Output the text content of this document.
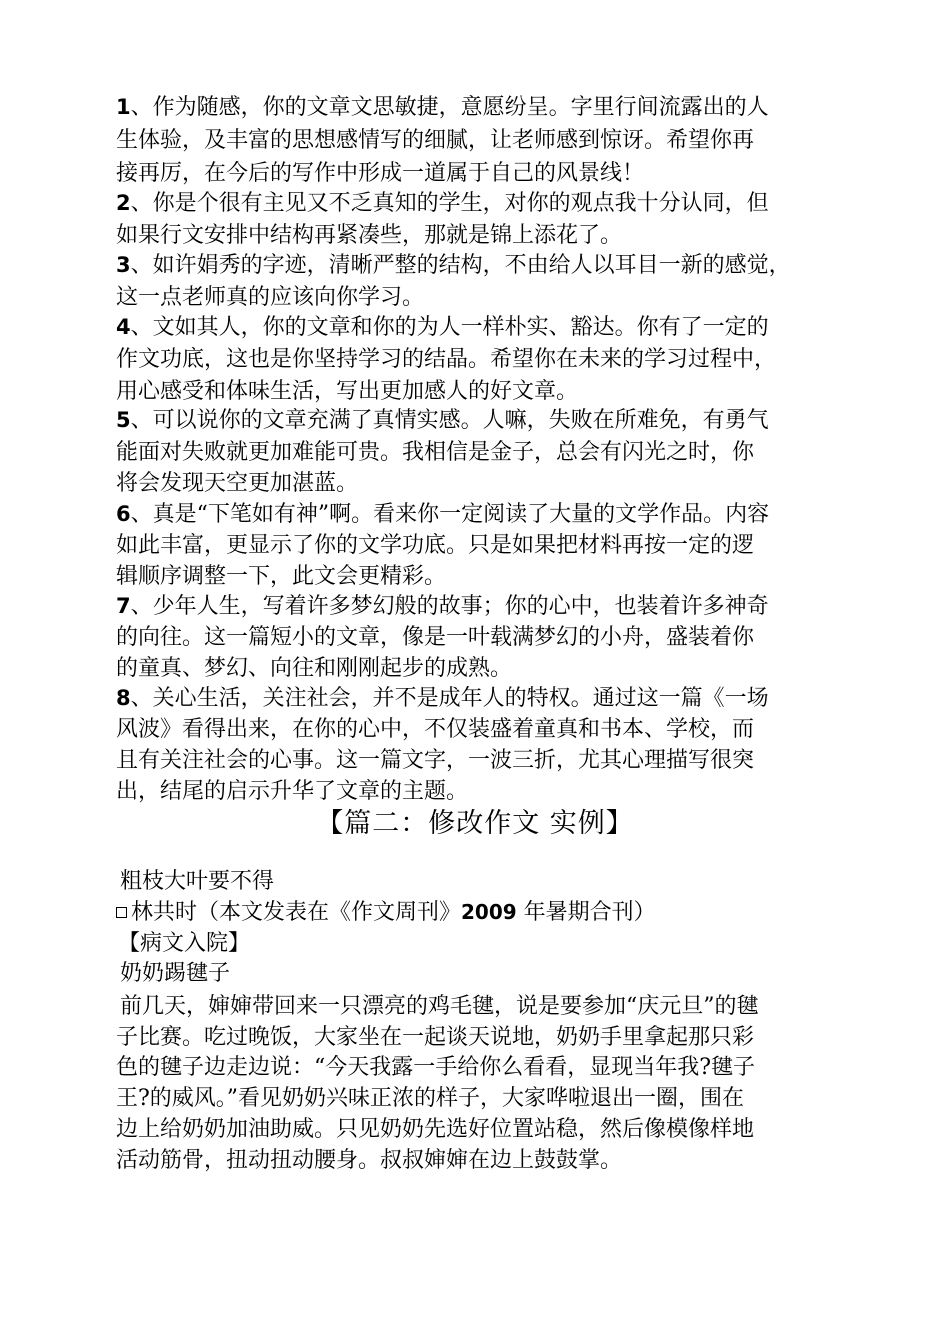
1、作为随感，你的文章文思敏捷，意愿纷呈。字里行间流露出的人
生体验，及丰富的思想感情写的细腻，让老师感到惊讶。希望你再
接再厉，在今后的写作中形成一道属于自己的风景线！
2、你是个很有主见又不乏真知的学生，对你的观点我十分认同，但
如果行文安排中结构再紧凑些，那就是锦上添花了。
3、如许娟秀的字迹，清晰严整的结构，不由给人以耳目一新的感觉，
这一点老师真的应该向你学习。
4、文如其人，你的文章和你的为人一样朴实、豁达。你有了一定的
作文功底，这也是你坚持学习的结晶。希望你在未来的学习过程中，
用心感受和体味生活，写出更加感人的好文章。
5、可以说你的文章充满了真情实感。人嘛，失败在所难免，有勇气
能面对失败就更加难能可贵。我相信是金子，总会有闪光之时，你
将会发现天空更加湛蓝。
6、真是“下笔如有神”啊。看来你一定阅读了大量的文学作品。内容
如此丰富，更显示了你的文学功底。只是如果把材料再按一定的逻
辑顺序调整一下，此文会更精彩。
7、少年人生，写着许多梦幻般的故事；你的心中，也装着许多神奇
的向往。这一篇短小的文章，像是一叶载满梦幻的小舟，盛装着你
的童真、梦幻、向往和刚刚起步的成熟。
8、关心生活，关注社会，并不是成年人的特权。通过这一篇《一场
风波》看得出来，在你的心中，不仅装盛着童真和书本、学校，而
且有关注社会的心事。这一篇文字，一波三折，尤其心理描写很突
出，结尾的启示升华了文章的主题。
【篇二：修改作文 实例】
粗枝大叶要不得
林共时（本文发表在《作文周刊》2009 年暑期合刊）
【病文入院】
奶奶踢毽子
前几天，婶婶带回来一只漂亮的鸡毛毽，说是要参加“庆元旦”的毽
子比赛。吃过晚饭，大家坐在一起谈天说地，奶奶手里拿起那只彩
色的毽子边走边说：“今天我露一手给你么看看，显现当年我?毽子
王?的威风。”看见奶奶兴味正浓的样子，大家哗啦退出一圈，围在
边上给奶奶加油助威。只见奶奶先选好位置站稳，然后像模像样地
活动筋骨，扭动扭动腰身。叔叔婶婶在边上鼓鼓掌。
